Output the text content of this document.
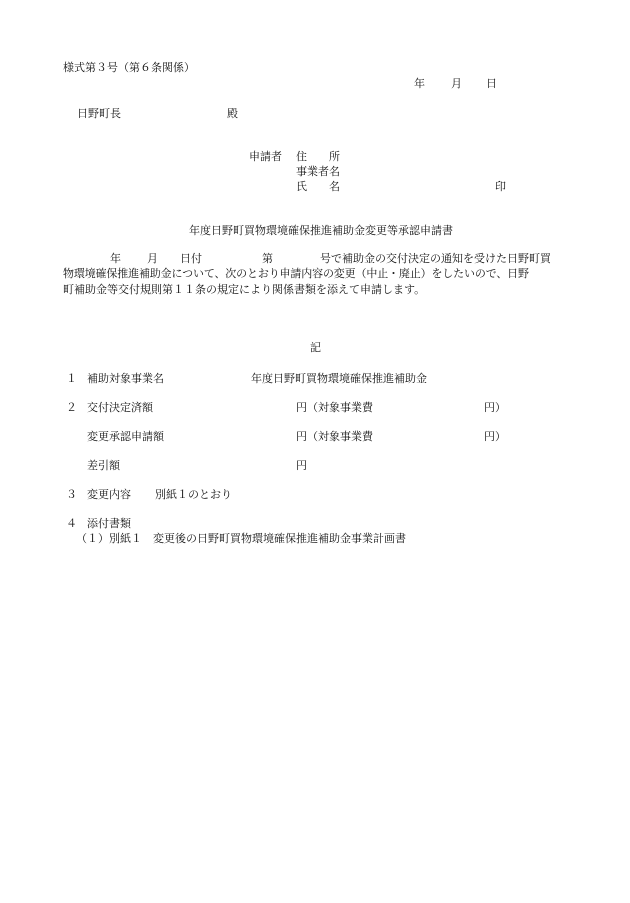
様式第３号（第６条関係）
年 月 日
日野町長	殿
申請者 住　　所
事業者名
氏　　名	印
年度日野町買物環境確保推進補助金変更等承認申請書
年 月 日付	第	号で補助金の交付決定の通知を受けた日野町買
物環境確保推進補助金について、次のとおり申請内容の変更（中止・廃止）をしたいので、日野
町補助金等交付規則第１１条の規定により関係書類を添えて申請します。
記
１ 補助対象事業名	年度日野町買物環境確保推進補助金
２ 交付決定済額	円（対象事業費	円）
変更承認申請額	円（対象事業費	円）
差引額	円
３ 変更内容 別紙１のとおり
４ 添付書類
（１）別紙１　変更後の日野町買物環境確保推進補助金事業計画書
